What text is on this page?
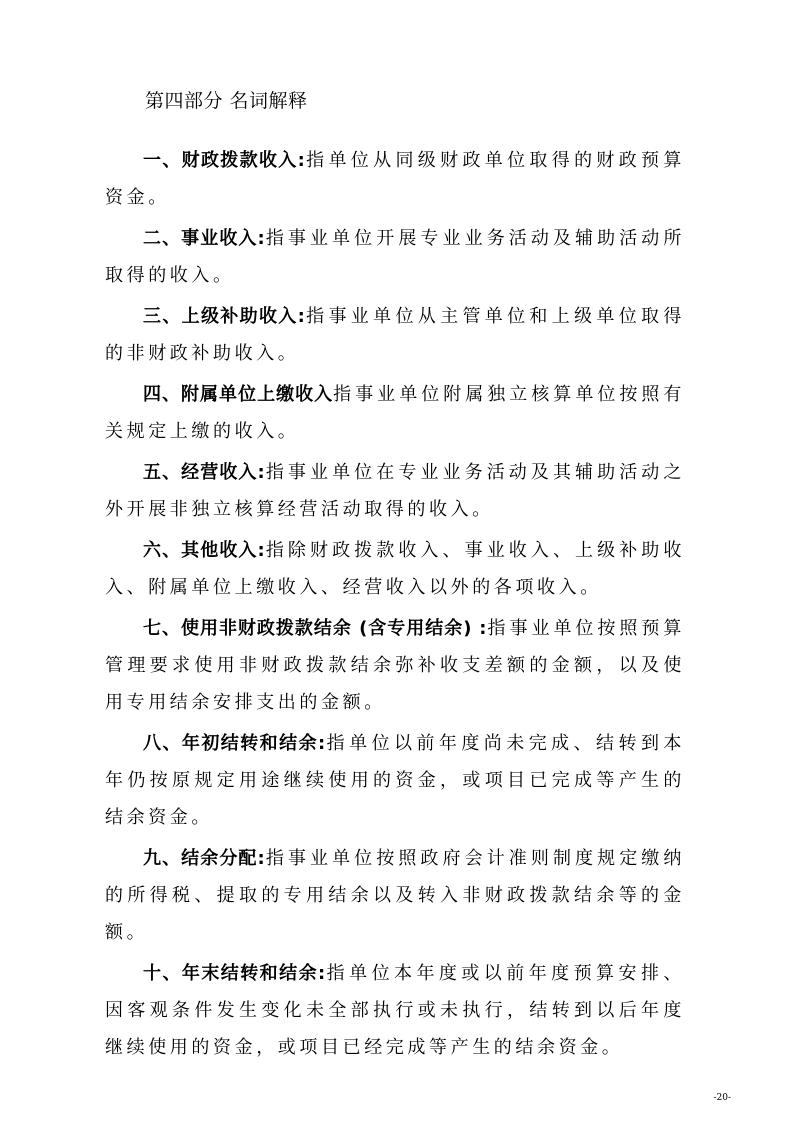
第四部分 名词解释

一、财政拨款收入:指单位从同级财政单位取得的财政预算资金。

二、事业收入:指事业单位开展专业业务活动及辅助活动所取得的收入。

三、上级补助收入:指事业单位从主管单位和上级单位取得的非财政补助收入。

四、附属单位上缴收入指事业单位附属独立核算单位按照有关规定上缴的收入。

五、经营收入:指事业单位在专业业务活动及其辅助活动之外开展非独立核算经营活动取得的收入。

六、其他收入:指除财政拨款收入、事业收入、上级补助收入、附属单位上缴收入、经营收入以外的各项收入。

七、使用非财政拨款结余 (含专用结余) :指事业单位按照预算管理要求使用非财政拨款结余弥补收支差额的金额，以及使用专用结余安排支出的金额。

八、年初结转和结余:指单位以前年度尚未完成、结转到本年仍按原规定用途继续使用的资金，或项目已完成等产生的结余资金。

九、结余分配:指事业单位按照政府会计准则制度规定缴纳的所得税、提取的专用结余以及转入非财政拨款结余等的金额。

十、年末结转和结余:指单位本年度或以前年度预算安排、因客观条件发生变化未全部执行或未执行，结转到以后年度继续使用的资金，或项目已经完成等产生的结余资金。

-20-
